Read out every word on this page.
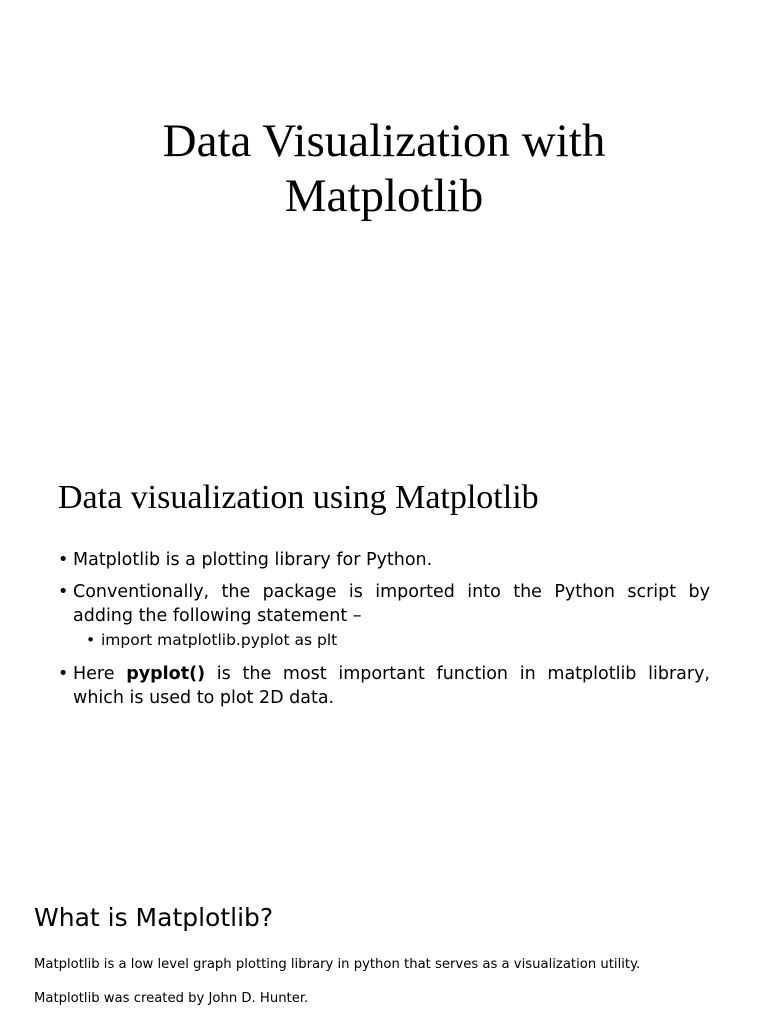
Data Visualization with
Matplotlib
Data visualization using Matplotlib
• Matplotlib is a plotting library for Python.
• Conventionally, the package is imported into the Python script by adding the following statement –
• import matplotlib.pyplot as plt
• Here pyplot() is the most important function in matplotlib library, which is used to plot 2D data.
What is Matplotlib?

Matplotlib is a low level graph plotting library in python that serves as a visualization utility.

Matplotlib was created by John D. Hunter.
